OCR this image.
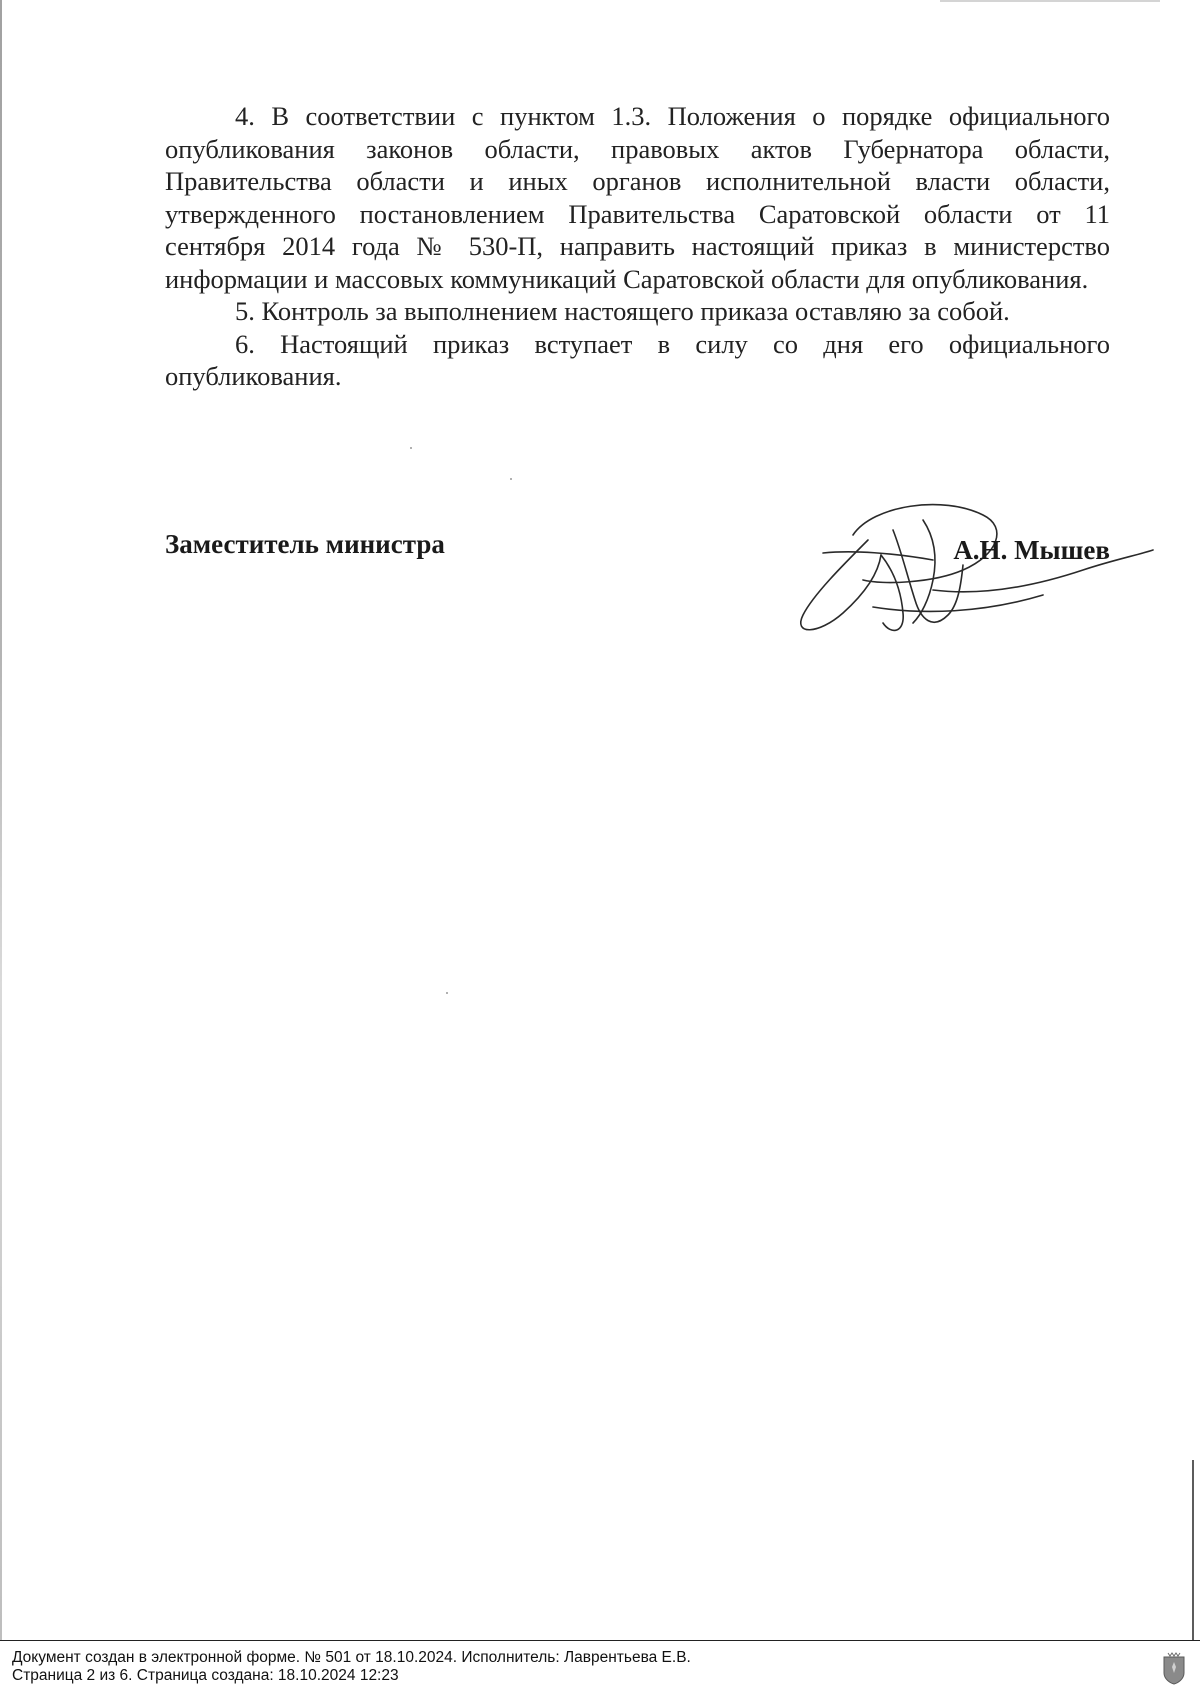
4. В соответствии с пунктом 1.3. Положения о порядке официального опубликования законов области, правовых актов Губернатора области, Правительства области и иных органов исполнительной власти области, утвержденного постановлением Правительства Саратовской области от 11 сентября 2014 года № 530-П, направить настоящий приказ в министерство информации и массовых коммуникаций Саратовской области для опубликования.

5. Контроль за выполнением настоящего приказа оставляю за собой.

6. Настоящий приказ вступает в силу со дня его официального опубликования.

Заместитель министра	А.Н. Мышев
Документ создан в электронной форме. № 501 от 18.10.2024. Исполнитель: Лаврентьева Е.В.
Страница 2 из 6. Страница создана: 18.10.2024 12:23
